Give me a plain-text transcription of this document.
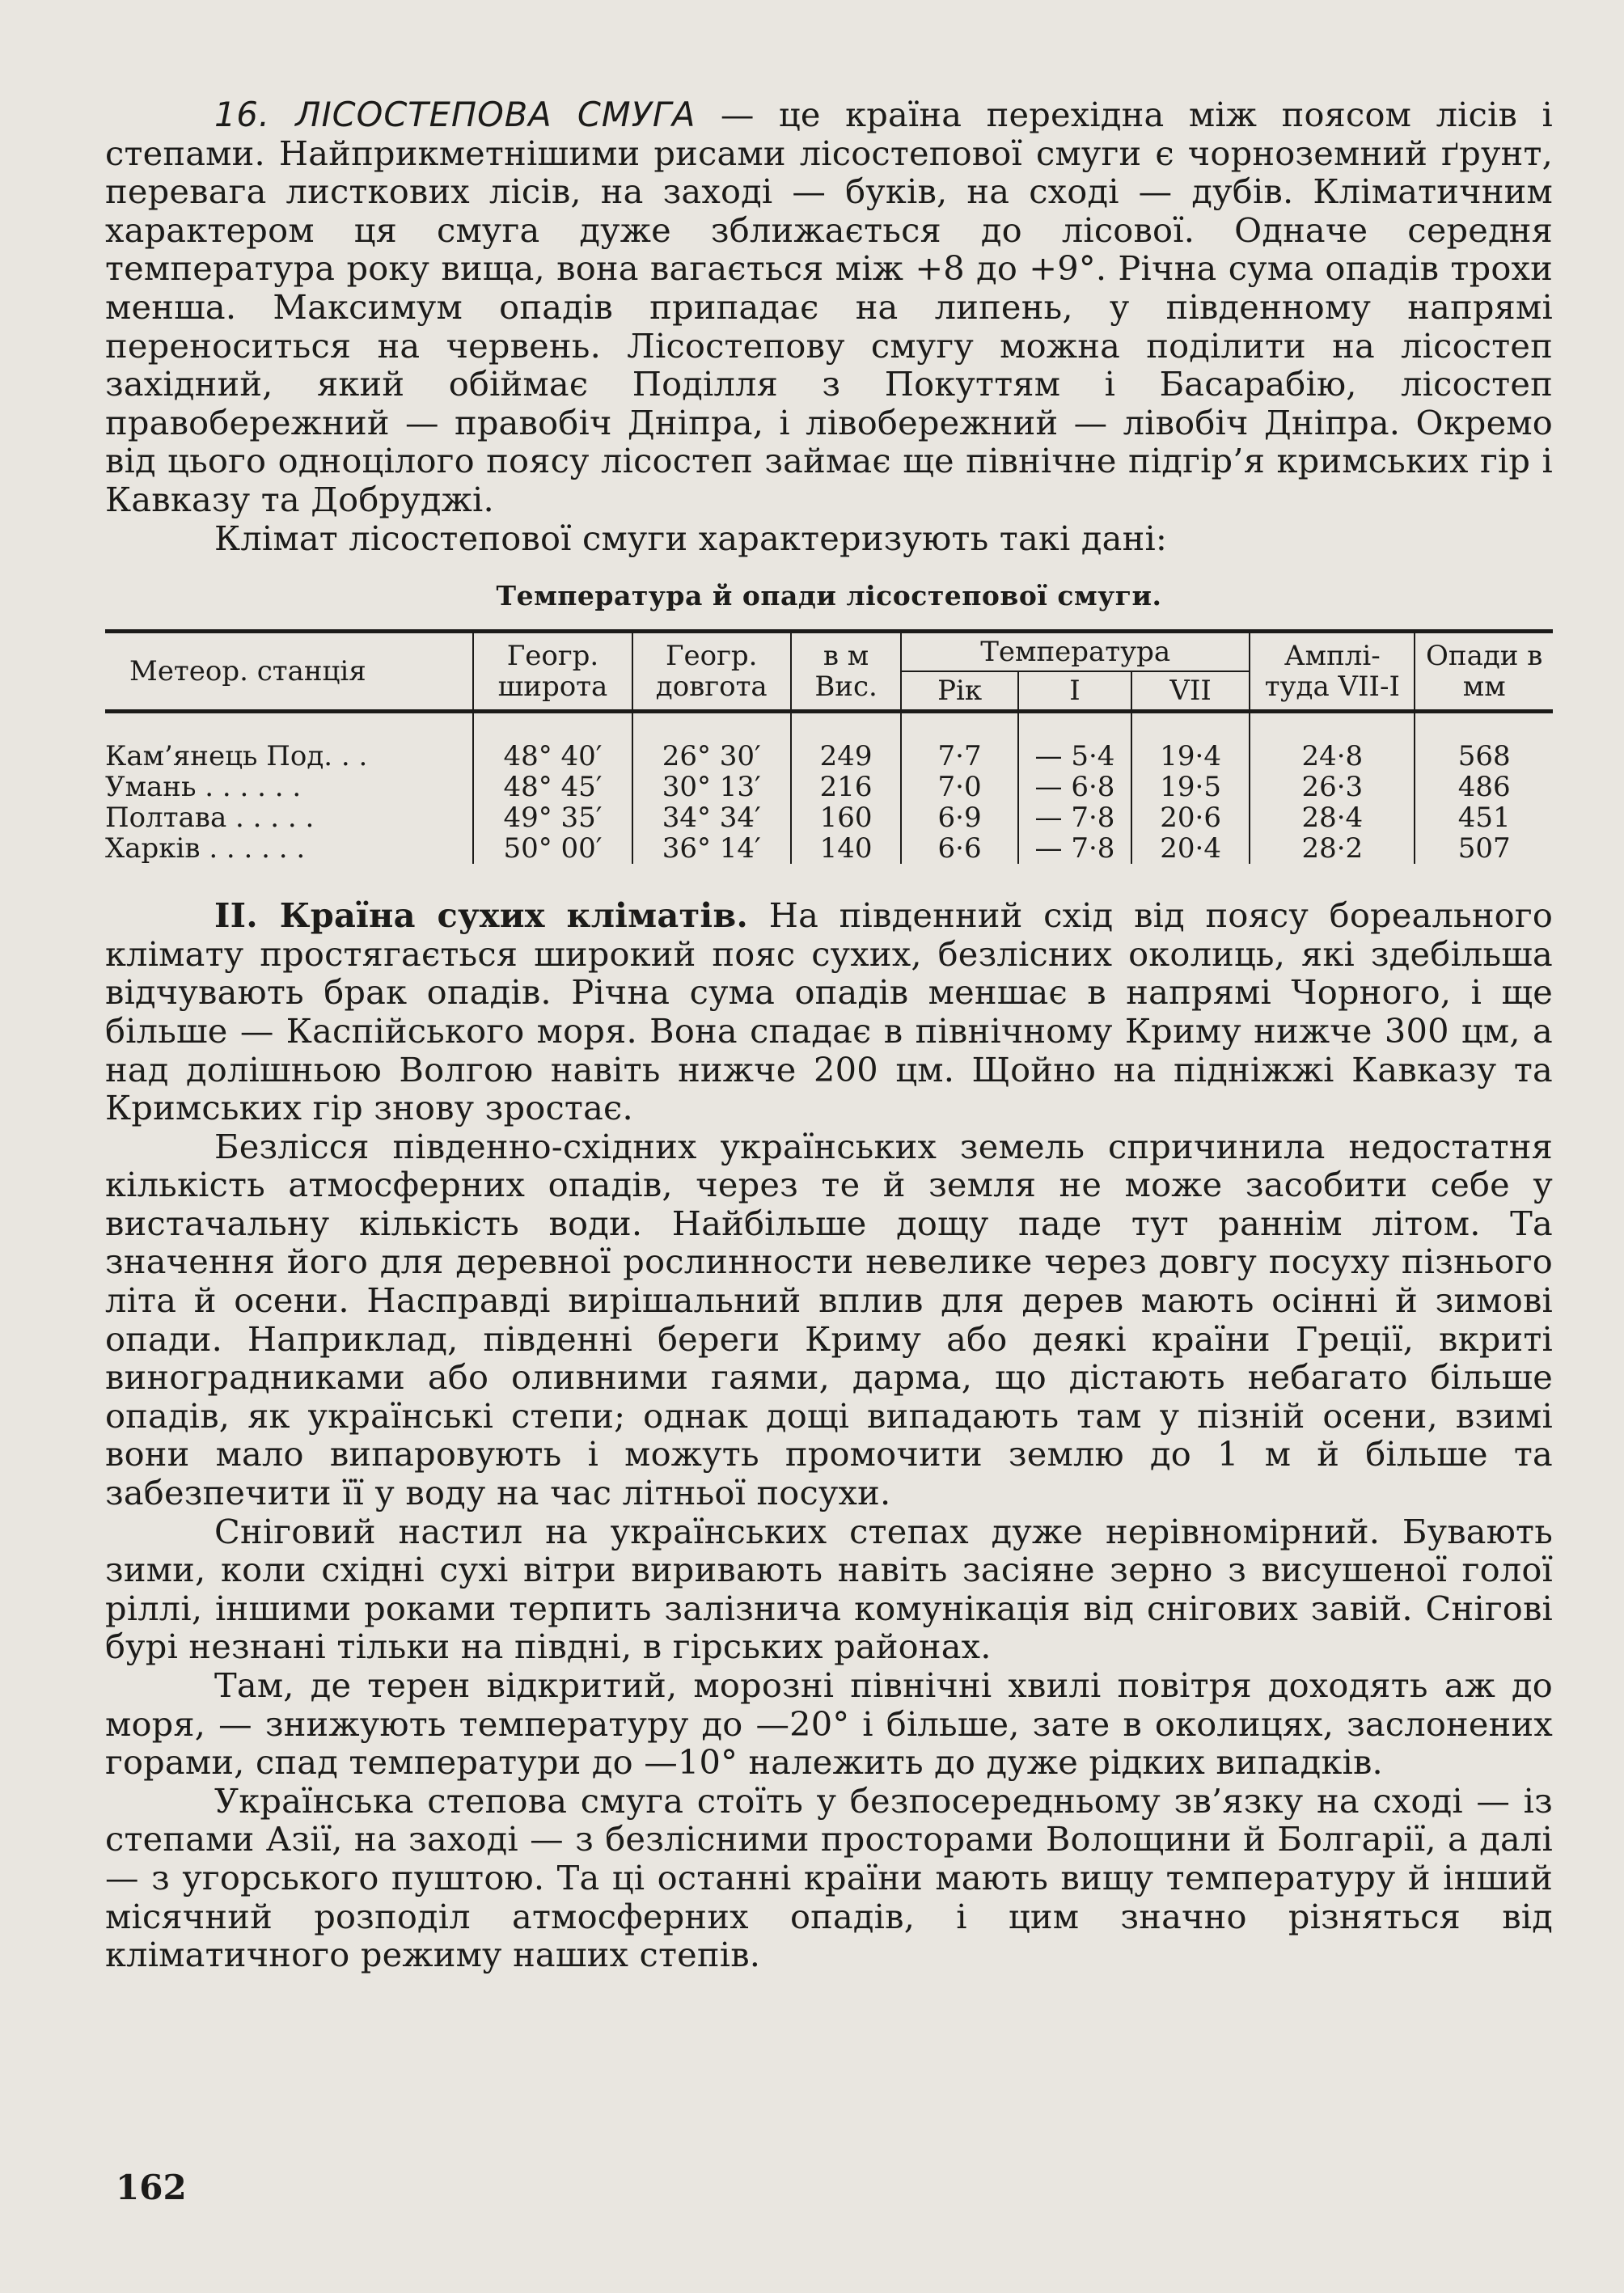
16. ЛІСОСТЕПОВА СМУГА — це країна перехідна між поясом лісів і степами. Найприкметнішими рисами лісостепової смуги є чорноземний ґрунт, перевага листкових лісів, на заході — буків, на сході — дубів. Кліматичним характером ця смуга дуже зближається до лісової. Одначе середня температура року вища, вона вагається між +8 до +9°. Річна сума опадів трохи менша. Максимум опадів припадає на липень, у південному напрямі переноситься на червень. Лісостепову смугу можна поділити на лісостеп західний, який обіймає Поділля з Покуттям і Басарабію, лісостеп правобережний — правобіч Дніпра, і лівобережний — лівобіч Дніпра. Окремо від цього одноцілого поясу лісостеп займає ще північне підгір’я кримських гір і Кавказу та Добруджі.

Клімат лісостепової смуги характеризують такі дані:

Температура й опади лісостепової смуги.
Метеор. станція	Геогр. широта	Геогр. довгота	в м Вис.	Температура			Амплі- туда VII-I	Опади в мм
				Рік	I	VII		
Кам’янець Под. . .	48° 40′	26° 30′	249	7·7	— 5·4	19·4	24·8	568
Умань . . . . . .	48° 45′	30° 13′	216	7·0	— 6·8	19·5	26·3	486
Полтава . . . . .	49° 35′	34° 34′	160	6·9	— 7·8	20·6	28·4	451
Харків . . . . . .	50° 00′	36° 14′	140	6·6	— 7·8	20·4	28·2	507

II. Країна сухих кліматів. На південний схід від поясу бореального клімату простягається широкий пояс сухих, безлісних околиць, які здебільша відчувають брак опадів. Річна сума опадів меншає в напрямі Чорного, і ще більше — Каспійського моря. Вона спадає в північному Криму нижче 300 цм, а над долішньою Волгою навіть нижче 200 цм. Щойно на підніжжі Кавказу та Кримських гір знову зростає.

Безлісся південно-східних українських земель спричинила недостатня кількість атмосферних опадів, через те й земля не може засобити себе у вистачальну кількість води. Найбільше дощу паде тут раннім літом. Та значення його для деревної рослинности невелике через довгу посуху пізнього літа й осени. Насправді вирішальний вплив для дерев мають осінні й зимові опади. Наприклад, південні береги Криму або деякі країни Греції, вкриті виноградниками або оливними гаями, дарма, що дістають небагато більше опадів, як українські степи; однак дощі випадають там у пізній осени, взимі вони мало випаровують і можуть промочити землю до 1 м й більше та забезпечити її у воду на час літньої посухи.

Сніговий настил на українських степах дуже нерівномірний. Бувають зими, коли східні сухі вітри виривають навіть засіяне зерно з висушеної голої ріллі, іншими роками терпить залізнича комунікація від снігових завій. Снігові бурі незнані тільки на півдні, в гірських районах.

Там, де терен відкритий, морозні північні хвилі повітря доходять аж до моря, — знижують температуру до —20° і більше, зате в околицях, заслонених горами, спад температури до —10° належить до дуже рідких випадків.

Українська степова смуга стоїть у безпосередньому зв’язку на сході — із степами Азії, на заході — з безлісними просторами Волощини й Болгарії, а далі — з угорського пуштою. Та ці останні країни мають вищу температуру й інший місячний розподіл атмосферних опадів, і цим значно різняться від кліматичного режиму наших степів.

162
